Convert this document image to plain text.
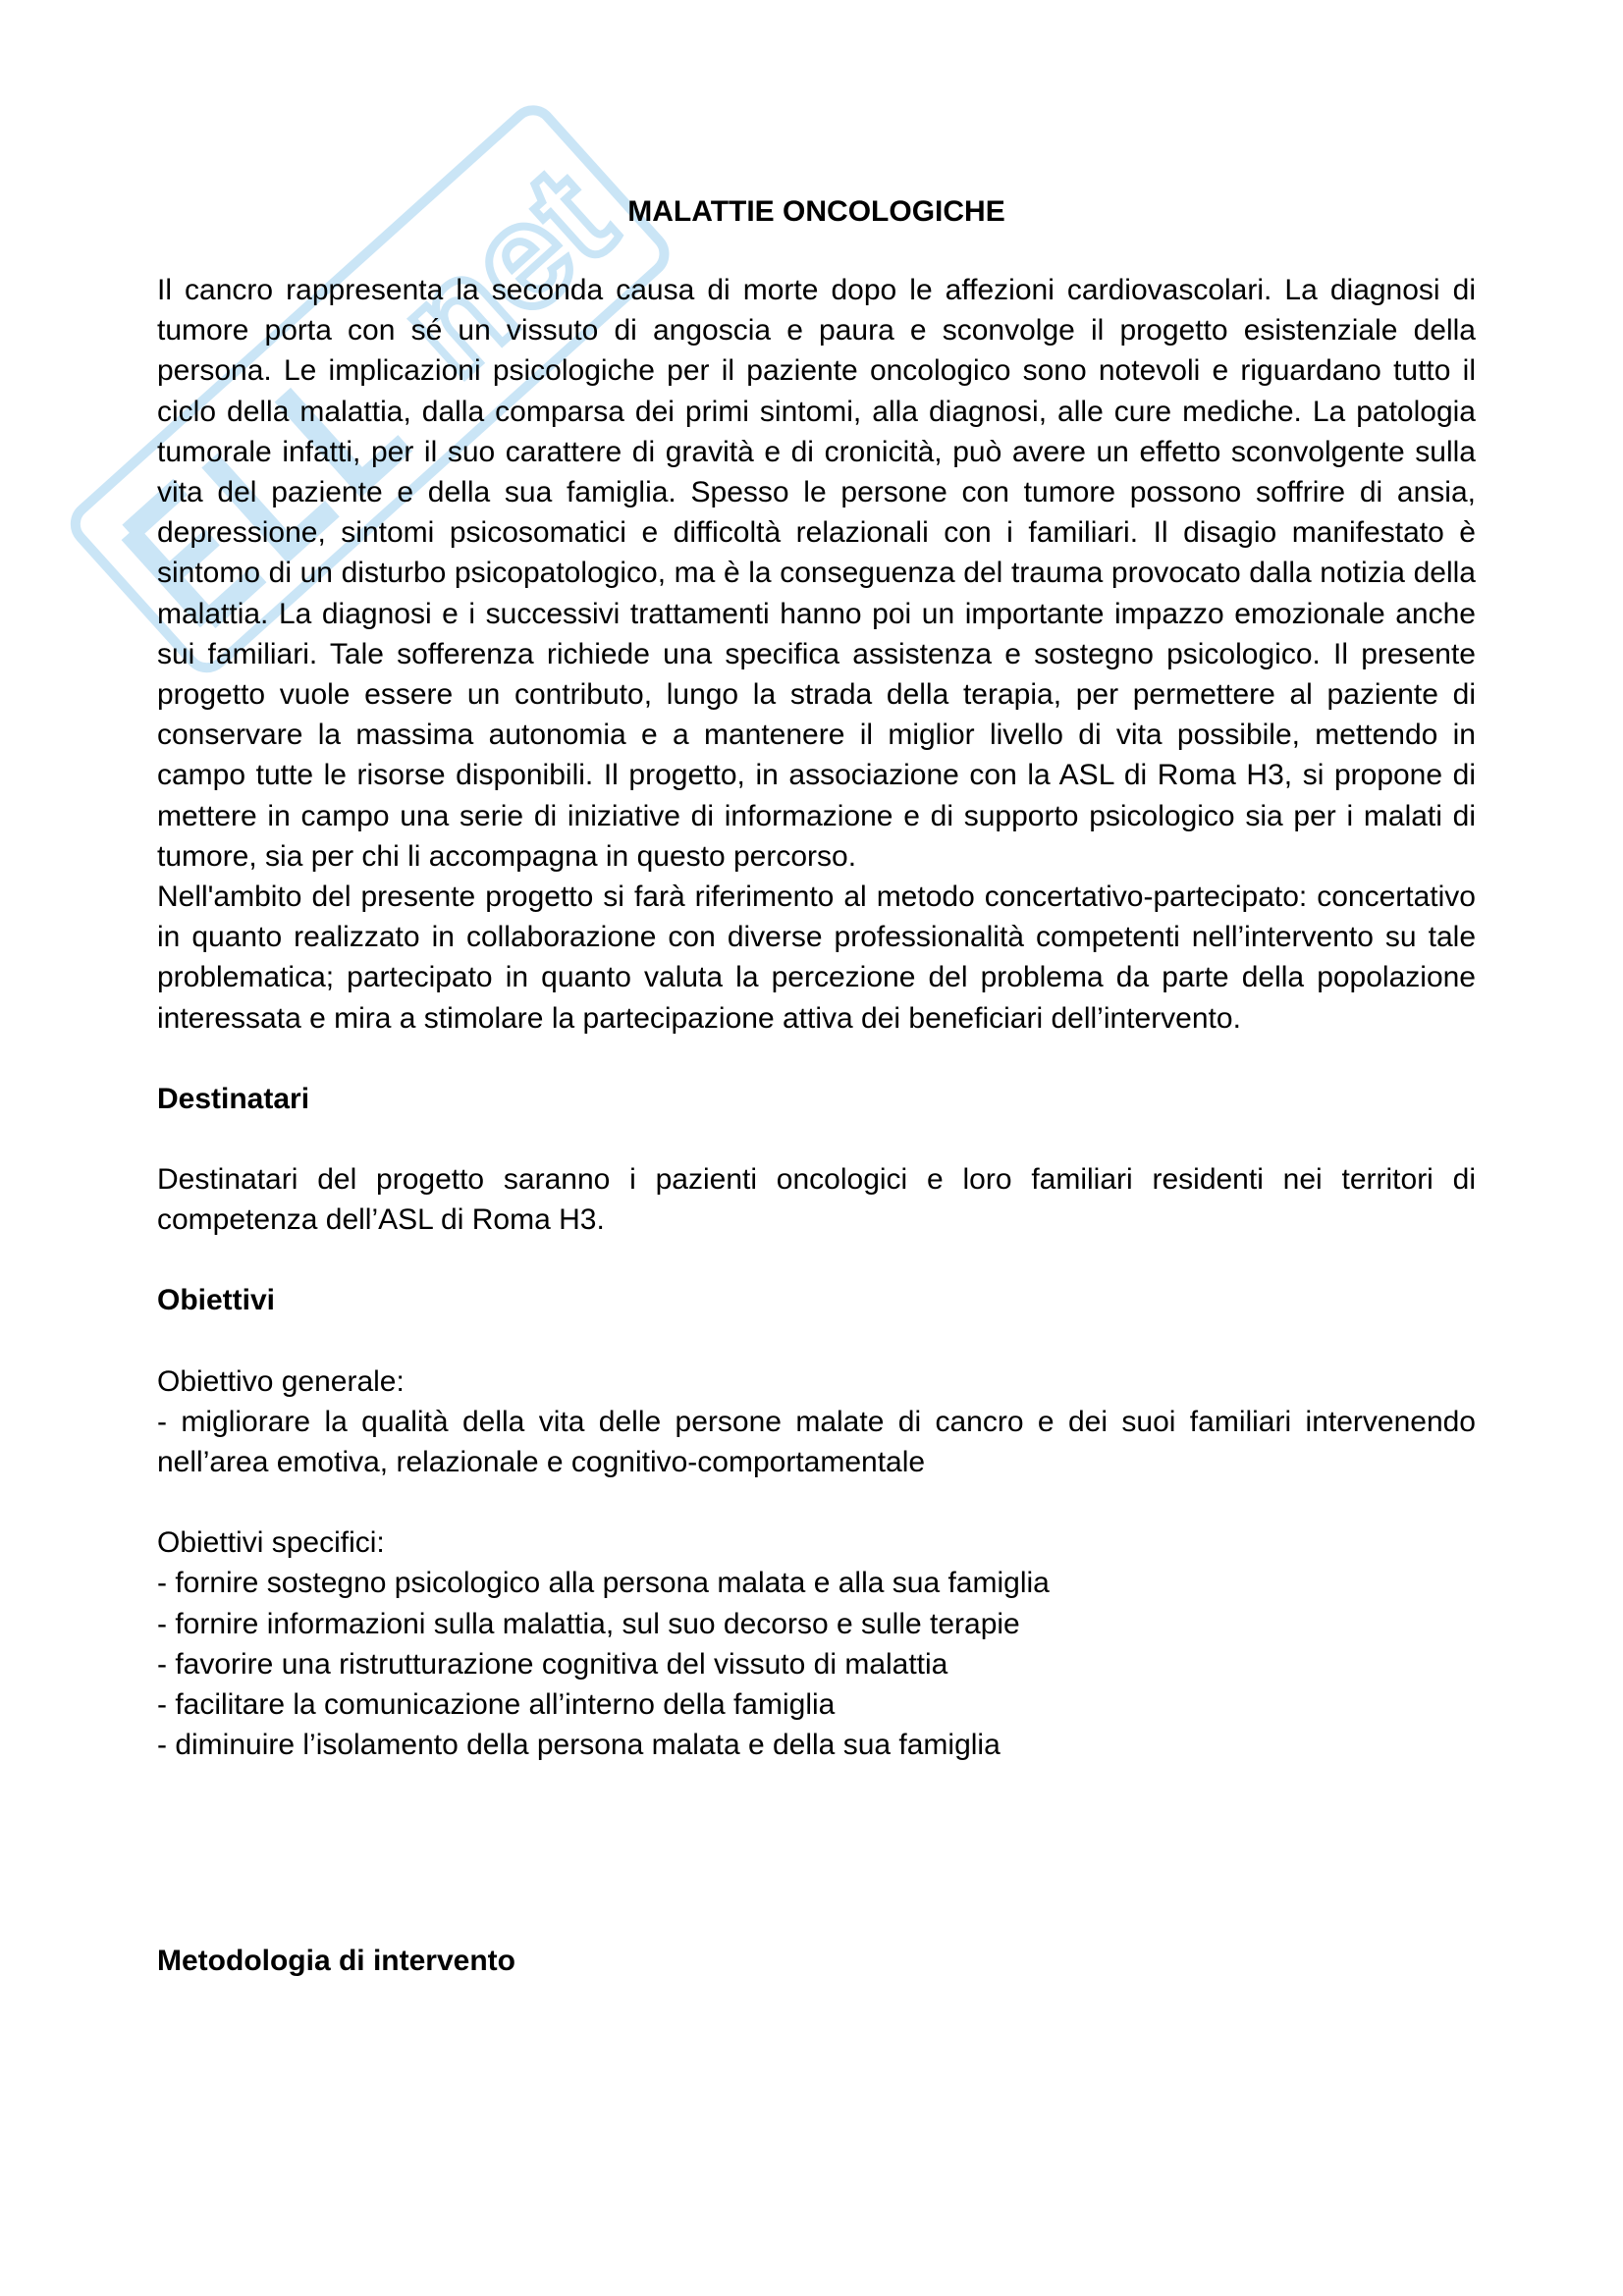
net
MALATTIE ONCOLOGICHE

Il cancro rappresenta la seconda causa di morte dopo le affezioni cardiovascolari. La diagnosi di tumore porta con sé un vissuto di angoscia e paura e sconvolge il progetto esistenziale della persona. Le implicazioni psicologiche per il paziente oncologico sono notevoli e riguardano tutto il ciclo della malattia, dalla comparsa dei primi sintomi, alla diagnosi, alle cure mediche. La patologia tumorale infatti, per il suo carattere di gravità e di cronicità, può avere un effetto sconvolgente sulla vita del paziente e della sua famiglia. Spesso le persone con tumore possono soffrire di ansia, depressione, sintomi psicosomatici e difficoltà relazionali con i familiari. Il disagio manifestato è sintomo di un disturbo psicopatologico, ma è la conseguenza del trauma provocato dalla notizia della malattia. La diagnosi e i successivi trattamenti hanno poi un importante impazzo emozionale anche sui familiari. Tale sofferenza richiede una specifica assistenza e sostegno psicologico. Il presente progetto vuole essere un contributo, lungo la strada della terapia, per permettere al paziente di conservare la massima autonomia e a mantenere il miglior livello di vita possibile, mettendo in campo tutte le risorse disponibili. Il progetto, in associazione con la ASL di Roma H3, si propone di mettere in campo una serie di iniziative di informazione e di supporto psicologico sia per i malati di tumore, sia per chi li accompagna in questo percorso.

Nell'ambito del presente progetto si farà riferimento al metodo concertativo-partecipato: concertativo in quanto realizzato in collaborazione con diverse professionalità competenti nell’intervento su tale problematica; partecipato in quanto valuta la percezione del problema da parte della popolazione interessata e mira a stimolare la partecipazione attiva dei beneficiari dell’intervento.

Destinatari

Destinatari del progetto saranno i pazienti oncologici e loro familiari residenti nei territori di competenza dell’ASL di Roma H3.

Obiettivi

Obiettivo generale:

- migliorare la qualità della vita delle persone malate di cancro e dei suoi familiari intervenendo nell’area emotiva, relazionale e cognitivo-comportamentale

Obiettivi specifici:

- fornire sostegno psicologico alla persona malata e alla sua famiglia
- fornire informazioni sulla malattia, sul suo decorso e sulle terapie
- favorire una ristrutturazione cognitiva del vissuto di malattia
- facilitare la comunicazione all’interno della famiglia
- diminuire l’isolamento della persona malata e della sua famiglia

Metodologia di intervento
